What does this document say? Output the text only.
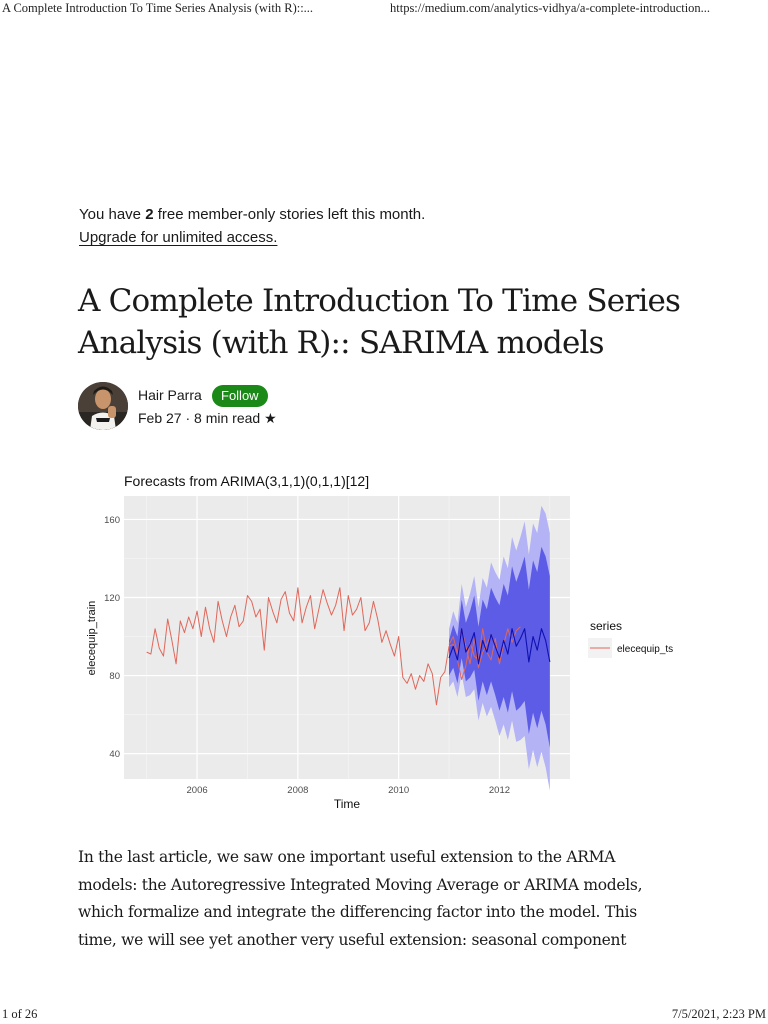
A Complete Introduction To Time Series Analysis (with R)::...	https://medium.com/analytics-vidhya/a-complete-introduction...
You have 2 free member-only stories left this month.
Upgrade for unlimited access.
A Complete Introduction To Time Series
Analysis (with R):: SARIMA models
Hair Parra	Follow
Feb 27 · 8 min read ★
Forecasts from ARIMA(3,1,1)(0,1,1)[12]
40
80
120
160
2006	2008	2010	2012
Time
elecequip_train	series
elecequip_ts
In the last article, we saw one important useful extension to the ARMA
models: the Autoregressive Integrated Moving Average or ARIMA models,
which formalize and integrate the differencing factor into the model. This
time, we will see yet another very useful extension: seasonal component
1 of 26	7/5/2021, 2:23 PM
